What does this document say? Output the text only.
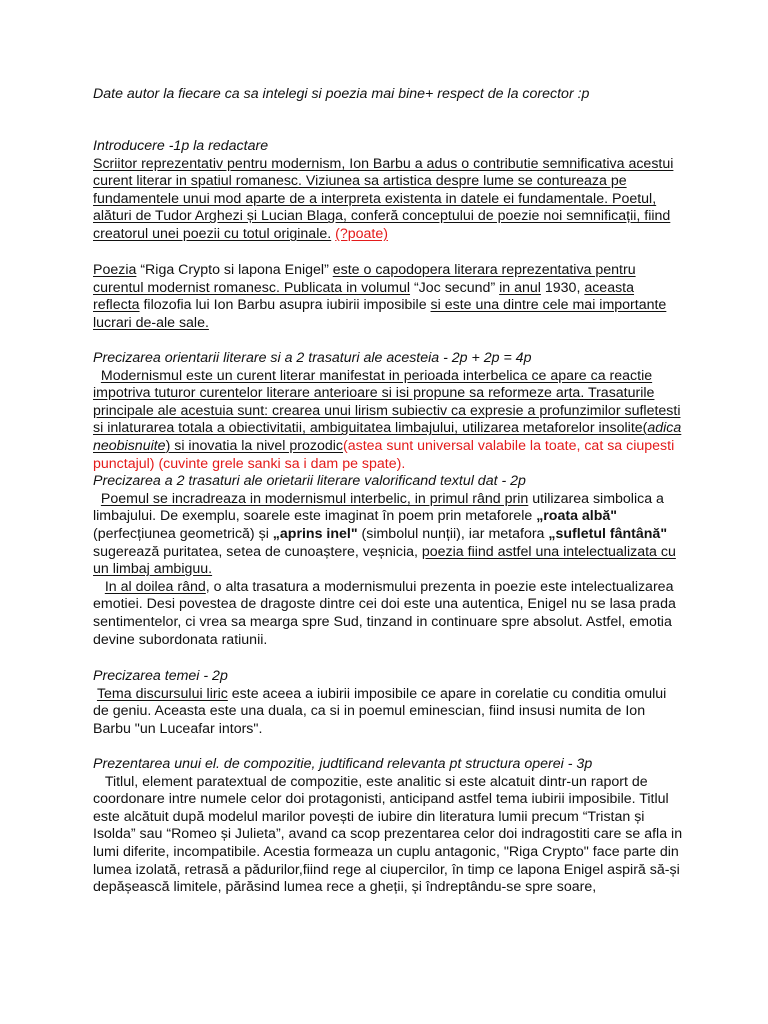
Date autor la fiecare ca sa intelegi si poezia mai bine+ respect de la corector :p

Introducere -1p la redactare

Scriitor reprezentativ pentru modernism, Ion Barbu a adus o contributie semnificativa acestui curent literar in spatiul romanesc. Viziunea sa artistica despre lume se contureaza pe fundamentele unui mod aparte de a interpreta existenta in datele ei fundamentale. Poetul, alături de Tudor Arghezi și Lucian Blaga, conferă conceptului de poezie noi semnificații, fiind creatorul unei poezii cu totul originale. (?poate)

Poezia “Riga Crypto si lapona Enigel” este o capodopera literara reprezentativa pentru curentul modernist romanesc. Publicata in volumul “Joc secund” in anul 1930, aceasta reflecta filozofia lui Ion Barbu asupra iubirii imposibile si este una dintre cele mai importante lucrari de-ale sale.

Precizarea orientarii literare si a 2 trasaturi ale acesteia - 2p + 2p = 4p

Modernismul este un curent literar manifestat in perioada interbelica ce apare ca reactie impotriva tuturor curentelor literare anterioare si isi propune sa reformeze arta. Trasaturile principale ale acestuia sunt: crearea unui lirism subiectiv ca expresie a profunzimilor sufletesti si inlaturarea totala a obiectivitatii, ambiguitatea limbajului, utilizarea metaforelor insolite(adica neobisnuite) si inovatia la nivel prozodic(astea sunt universal valabile la toate, cat sa ciupesti punctajul) (cuvinte grele sanki sa i dam pe spate).

Precizarea a 2 trasaturi ale orietarii literare valorificand textul dat - 2p

Poemul se incradreaza in modernismul interbelic, in primul rând prin utilizarea simbolica a limbajului. De exemplu, soarele este imaginat în poem prin metaforele „roata albă" (perfecțiunea geometrică) și „aprins inel" (simbolul nunții), iar metafora „sufletul fântână" sugerează puritatea, setea de cunoaștere, veșnicia, poezia fiind astfel una intelectualizata cu un limbaj ambiguu.

In al doilea rând, o alta trasatura a modernismului prezenta in poezie este intelectualizarea emotiei. Desi povestea de dragoste dintre cei doi este una autentica, Enigel nu se lasa prada sentimentelor, ci vrea sa mearga spre Sud, tinzand in continuare spre absolut. Astfel, emotia devine subordonata ratiunii.

Precizarea temei - 2p

Tema discursului liric este aceea a iubirii imposibile ce apare in corelatie cu conditia omului de geniu. Aceasta este una duala, ca si in poemul eminescian, fiind insusi numita de Ion Barbu "un Luceafar intors".

Prezentarea unui el. de compozitie, judtificand relevanta pt structura operei - 3p

Titlul, element paratextual de compozitie, este analitic si este alcatuit dintr-un raport de coordonare intre numele celor doi protagonisti, anticipand astfel tema iubirii imposibile. Titlul este alcătuit după modelul marilor povești de iubire din literatura lumii precum “Tristan și Isolda” sau “Romeo și Julieta”, avand ca scop prezentarea celor doi indragostiti care se afla in lumi diferite, incompatibile. Acestia formeaza un cuplu antagonic, "Riga Crypto" face parte din lumea izolată, retrasă a pădurilor,fiind rege al ciupercilor, în timp ce lapona Enigel aspiră să-și depășească limitele, părăsind lumea rece a gheții, și îndreptându-se spre soare,
